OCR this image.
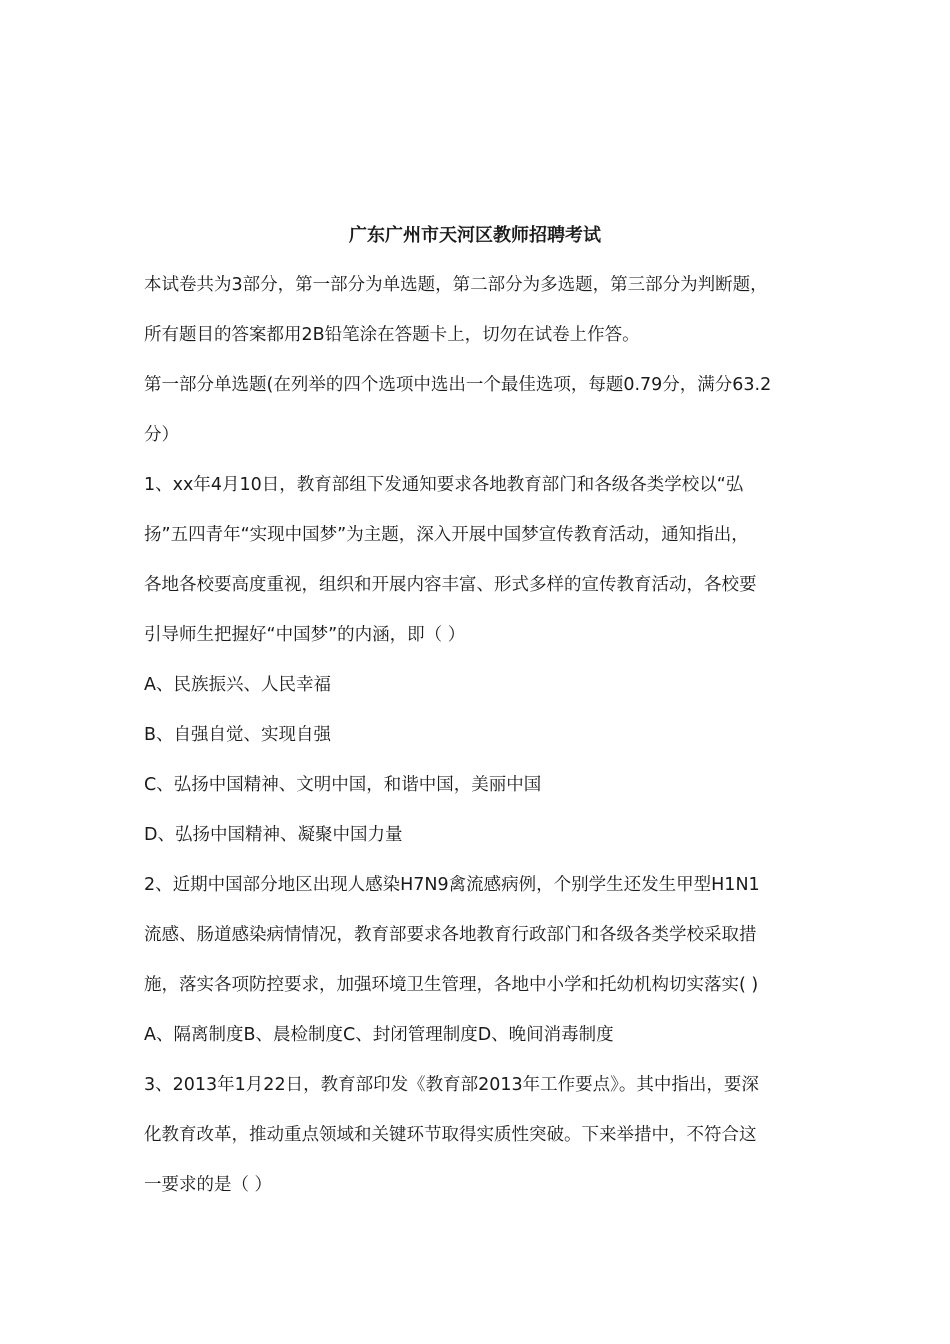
广东广州市天河区教师招聘考试

本试卷共为3部分，第一部分为单选题，第二部分为多选题，第三部分为判断题，

所有题目的答案都用2B铅笔涂在答题卡上，切勿在试卷上作答。

第一部分单选题(在列举的四个选项中选出一个最佳选项，每题0.79分，满分63.2

分）

1、xx年4月10日，教育部组下发通知要求各地教育部门和各级各类学校以“弘

扬”五四青年“实现中国梦”为主题，深入开展中国梦宣传教育活动，通知指出，

各地各校要高度重视，组织和开展内容丰富、形式多样的宣传教育活动，各校要

引导师生把握好“中国梦”的内涵，即（ ）

A、民族振兴、人民幸福

B、自强自觉、实现自强

C、弘扬中国精神、文明中国，和谐中国，美丽中国

D、弘扬中国精神、凝聚中国力量

2、近期中国部分地区出现人感染H7N9禽流感病例，个别学生还发生甲型H1N1

流感、肠道感染病情情况，教育部要求各地教育行政部门和各级各类学校采取措

施，落实各项防控要求，加强环境卫生管理，各地中小学和托幼机构切实落实( )

A、隔离制度B、晨检制度C、封闭管理制度D、晚间消毒制度

3、2013年1月22日，教育部印发《教育部2013年工作要点》。其中指出，要深

化教育改革，推动重点领域和关键环节取得实质性突破。下来举措中，不符合这

一要求的是（ ）
